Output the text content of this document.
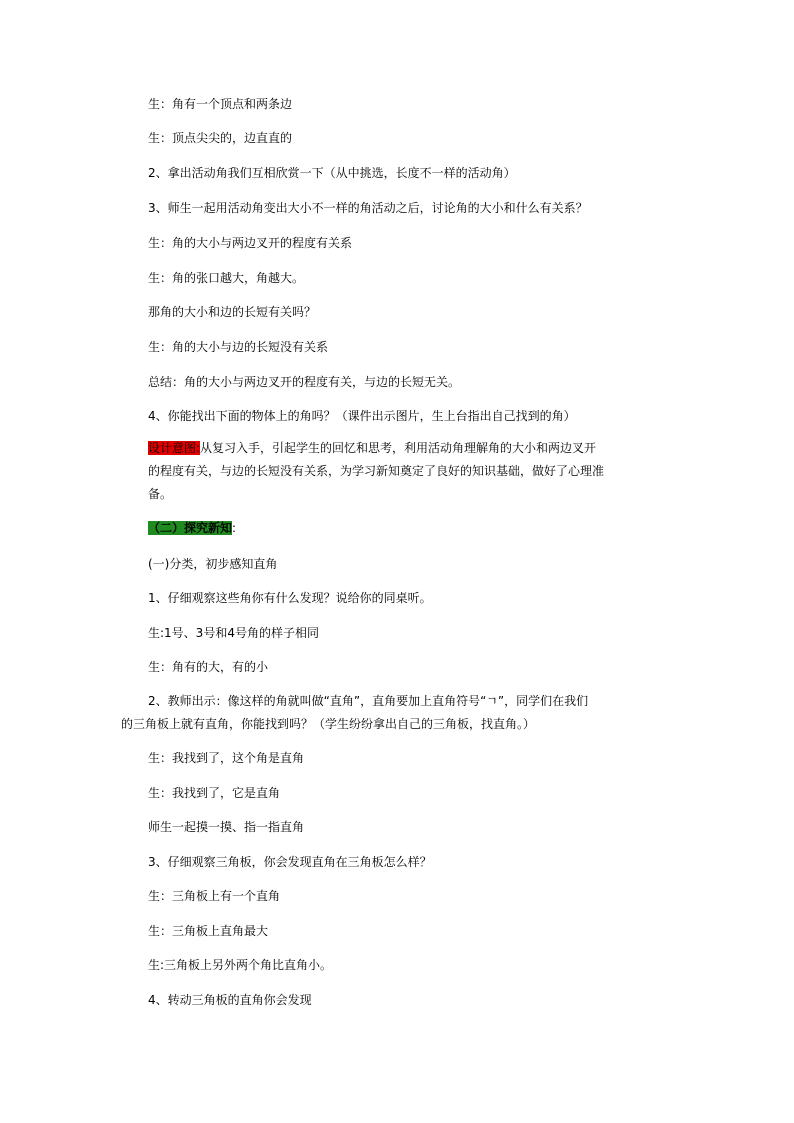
生：角有一个顶点和两条边
生：顶点尖尖的，边直直的
2、拿出活动角我们互相欣赏一下（从中挑选，长度不一样的活动角）
3、师生一起用活动角变出大小不一样的角活动之后，讨论角的大小和什么有关系？
生：角的大小与两边叉开的程度有关系
生：角的张口越大，角越大。
那角的大小和边的长短有关吗？
生：角的大小与边的长短没有关系
总结：角的大小与两边叉开的程度有关，与边的长短无关。
4、你能找出下面的物体上的角吗？（课件出示图片，生上台指出自己找到的角）
设计意图:从复习入手，引起学生的回忆和思考，利用活动角理解角的大小和两边叉开
的程度有关，与边的长短没有关系，为学习新知奠定了良好的知识基础，做好了心理准
备。
（二）探究新知:
(一)分类，初步感知直角
1、仔细观察这些角你有什么发现？说给你的同桌听。
生:1号、3号和4号角的样子相同
生：角有的大，有的小
2、教师出示：像这样的角就叫做“直角”，直角要加上直角符号“ㄱ”，同学们在我们
的三角板上就有直角，你能找到吗？（学生纷纷拿出自己的三角板，找直角。）
生：我找到了，这个角是直角
生：我找到了，它是直角
师生一起摸一摸、指一指直角
3、仔细观察三角板，你会发现直角在三角板怎么样？
生：三角板上有一个直角
生：三角板上直角最大
生:三角板上另外两个角比直角小。
4、转动三角板的直角你会发现
